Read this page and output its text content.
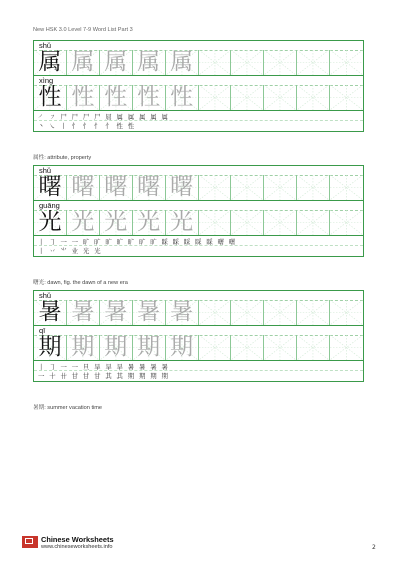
New HSK 3.0 Level 7-9 Word List Part 3
shǔ
属 属 属 属 属
xìng
性 性 性 性 性
㇒ ㇇ 尸 尸 尸 尸 屈 属 属 属 属 属
丶 ㇏ 丨 忄 忄 忄 忄 性 性
属性: attribute, property
shǔ
曙 曙 曙 曙 曙
guāng
光 光 光 光 光
丨 ㇆ 一 一 旷 旷 旷 旷 旷 旷 旷 睬 睬 睬 睬 睬 曙 曙
丨 丷 ⺌ 业 光 光
曙光: dawn, fig. the dawn of a new era
shǔ
暑 暑 暑 暑 暑
qī
期 期 期 期 期
丨 ㇆ 一 一 旦 旱 旱 旱 暑 暑 暑 暑
一 十 卄 甘 甘 甘 其 其 期 期 期 期
暑期: summer vacation time
Chinese Worksheets
www.chineseworksheets.info	2
